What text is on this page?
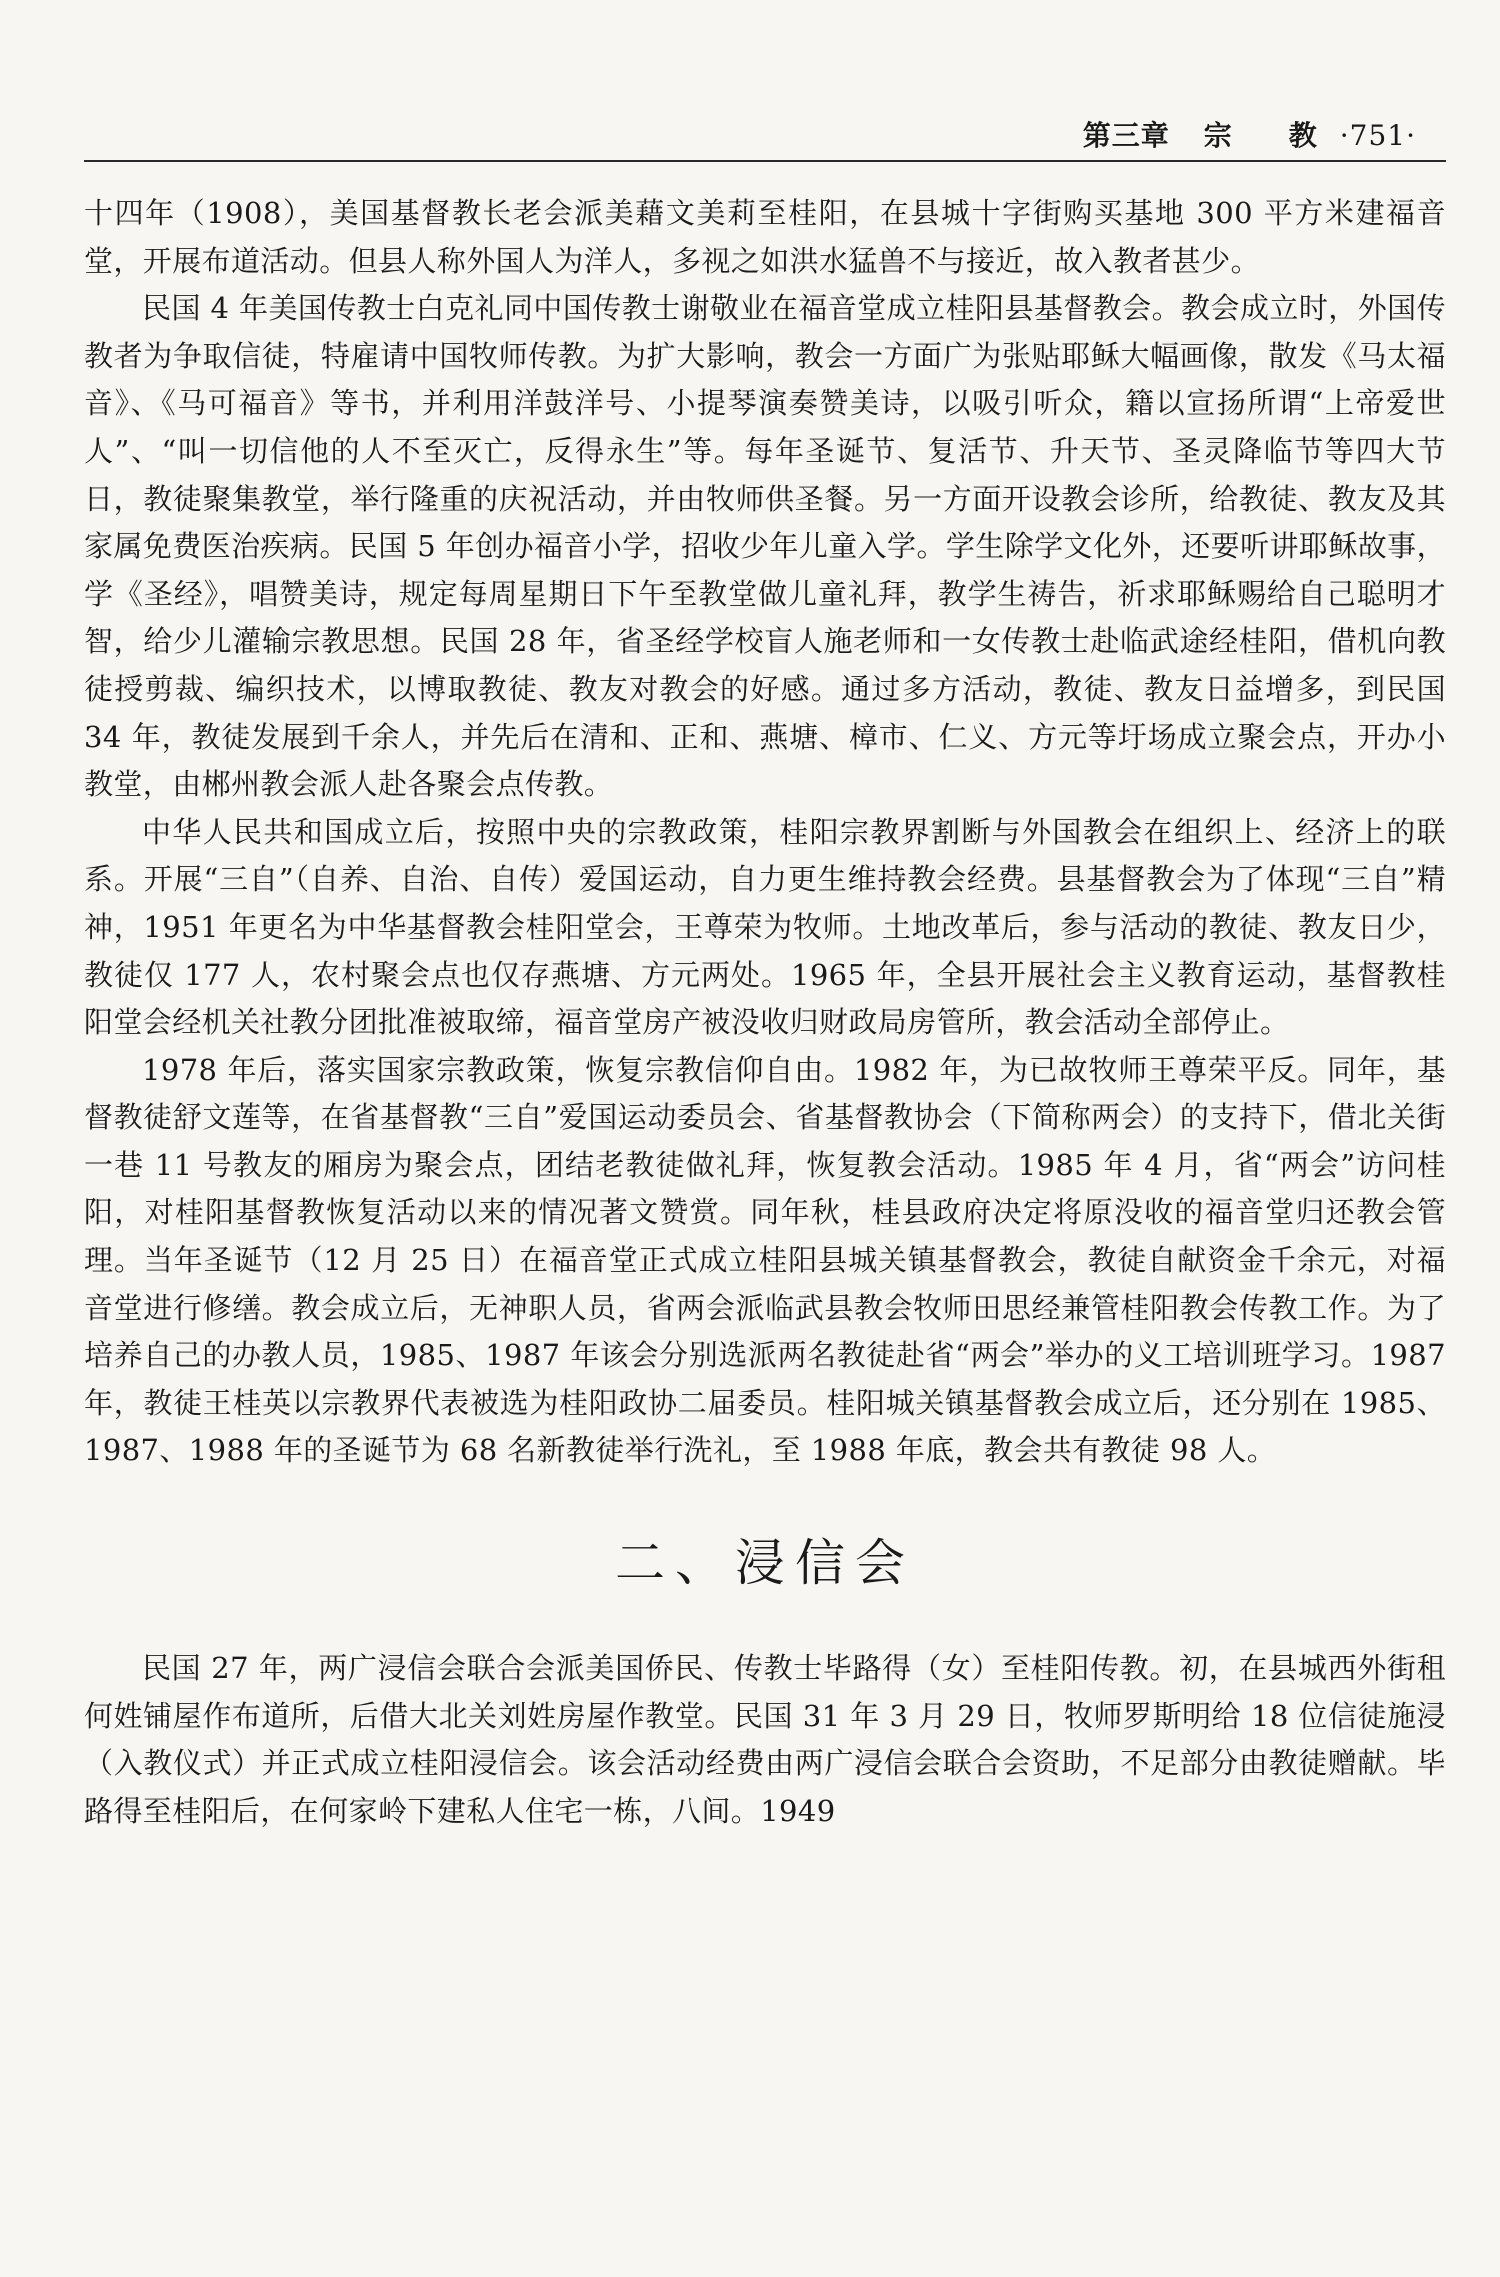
第三章 宗 教 ·751·

十四年（1908），美国基督教长老会派美藉文美莉至桂阳，在县城十字街购买基地 300 平方米建福音堂，开展布道活动。但县人称外国人为洋人，多视之如洪水猛兽不与接近，故入教者甚少。

民国 4 年美国传教士白克礼同中国传教士谢敬业在福音堂成立桂阳县基督教会。教会成立时，外国传教者为争取信徒，特雇请中国牧师传教。为扩大影响，教会一方面广为张贴耶稣大幅画像，散发《马太福音》、《马可福音》等书，并利用洋鼓洋号、小提琴演奏赞美诗，以吸引听众，籍以宣扬所谓“上帝爱世人”、“叫一切信他的人不至灭亡，反得永生”等。每年圣诞节、复活节、升天节、圣灵降临节等四大节日，教徒聚集教堂，举行隆重的庆祝活动，并由牧师供圣餐。另一方面开设教会诊所，给教徒、教友及其家属免费医治疾病。民国 5 年创办福音小学，招收少年儿童入学。学生除学文化外，还要听讲耶稣故事，学《圣经》，唱赞美诗，规定每周星期日下午至教堂做儿童礼拜，教学生祷告，祈求耶稣赐给自己聪明才智，给少儿灌输宗教思想。民国 28 年，省圣经学校盲人施老师和一女传教士赴临武途经桂阳，借机向教徒授剪裁、编织技术，以博取教徒、教友对教会的好感。通过多方活动，教徒、教友日益增多，到民国 34 年，教徒发展到千余人，并先后在清和、正和、燕塘、樟市、仁义、方元等圩场成立聚会点，开办小教堂，由郴州教会派人赴各聚会点传教。

中华人民共和国成立后，按照中央的宗教政策，桂阳宗教界割断与外国教会在组织上、经济上的联系。开展“三自”（自养、自治、自传）爱国运动，自力更生维持教会经费。县基督教会为了体现“三自”精神，1951 年更名为中华基督教会桂阳堂会，王尊荣为牧师。土地改革后，参与活动的教徒、教友日少，教徒仅 177 人，农村聚会点也仅存燕塘、方元两处。1965 年，全县开展社会主义教育运动，基督教桂阳堂会经机关社教分团批准被取缔，福音堂房产被没收归财政局房管所，教会活动全部停止。

1978 年后，落实国家宗教政策，恢复宗教信仰自由。1982 年，为已故牧师王尊荣平反。同年，基督教徒舒文莲等，在省基督教“三自”爱国运动委员会、省基督教协会（下简称两会）的支持下，借北关街一巷 11 号教友的厢房为聚会点，团结老教徒做礼拜，恢复教会活动。1985 年 4 月，省“两会”访问桂阳，对桂阳基督教恢复活动以来的情况著文赞赏。同年秋，桂县政府决定将原没收的福音堂归还教会管理。当年圣诞节（12 月 25 日）在福音堂正式成立桂阳县城关镇基督教会，教徒自献资金千余元，对福音堂进行修缮。教会成立后，无神职人员，省两会派临武县教会牧师田思经兼管桂阳教会传教工作。为了培养自己的办教人员，1985、1987 年该会分别选派两名教徒赴省“两会”举办的义工培训班学习。1987 年，教徒王桂英以宗教界代表被选为桂阳政协二届委员。桂阳城关镇基督教会成立后，还分别在 1985、1987、1988 年的圣诞节为 68 名新教徒举行洗礼，至 1988 年底，教会共有教徒 98 人。

二、浸信会

民国 27 年，两广浸信会联合会派美国侨民、传教士毕路得（女）至桂阳传教。初，在县城西外街租何姓铺屋作布道所，后借大北关刘姓房屋作教堂。民国 31 年 3 月 29 日，牧师罗斯明给 18 位信徒施浸（入教仪式）并正式成立桂阳浸信会。该会活动经费由两广浸信会联合会资助，不足部分由教徒赠献。毕路得至桂阳后，在何家岭下建私人住宅一栋，八间。1949
